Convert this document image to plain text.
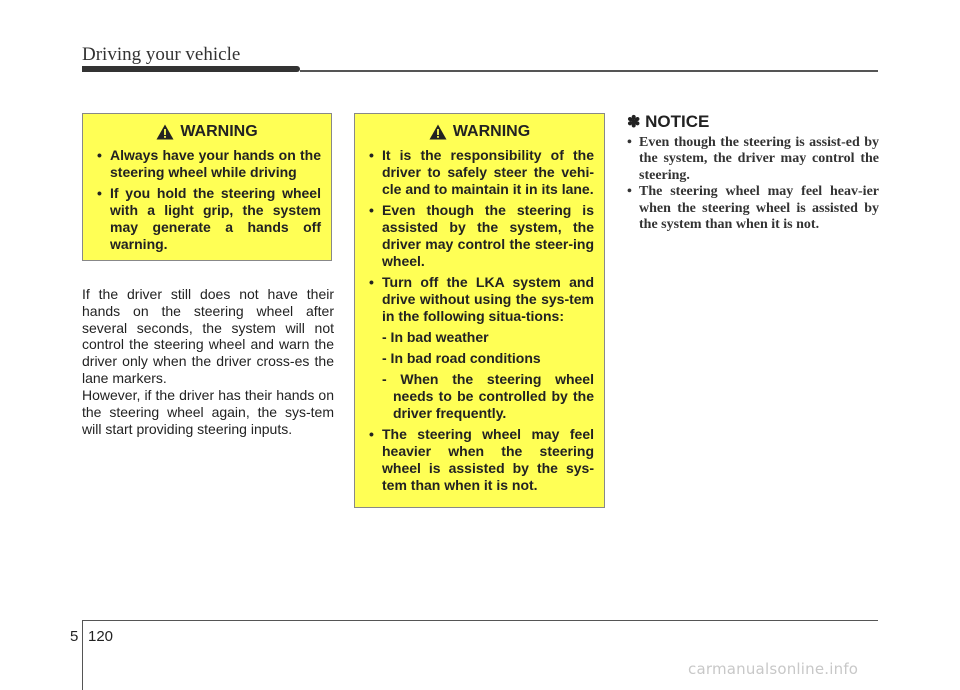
Driving your vehicle
WARNING
• Always have your hands on the steering wheel while driving
• If you hold the steering wheel with a light grip, the system may generate a hands off warning.

If the driver still does not have their hands on the steering wheel after several seconds, the system will not control the steering wheel and warn the driver only when the driver cross-es the lane markers.

However, if the driver has their hands on the steering wheel again, the sys-tem will start providing steering inputs.

WARNING
• It is the responsibility of the driver to safely steer the vehi-cle and to maintain it in its lane.
• Even though the steering is assisted by the system, the driver may control the steer-ing wheel.
• Turn off the LKA system and drive without using the sys-tem in the following situa-tions:
- In bad weather
- In bad road conditions
- When the steering wheel needs to be controlled by the driver frequently.
• The steering wheel may feel heavier when the steering wheel is assisted by the sys-tem than when it is not.
✽ NOTICE
• Even though the steering is assist-ed by the system, the driver may control the steering.
• The steering wheel may feel heav-ier when the steering wheel is assisted by the system than when it is not.
5 120
carmanualsonline.info
